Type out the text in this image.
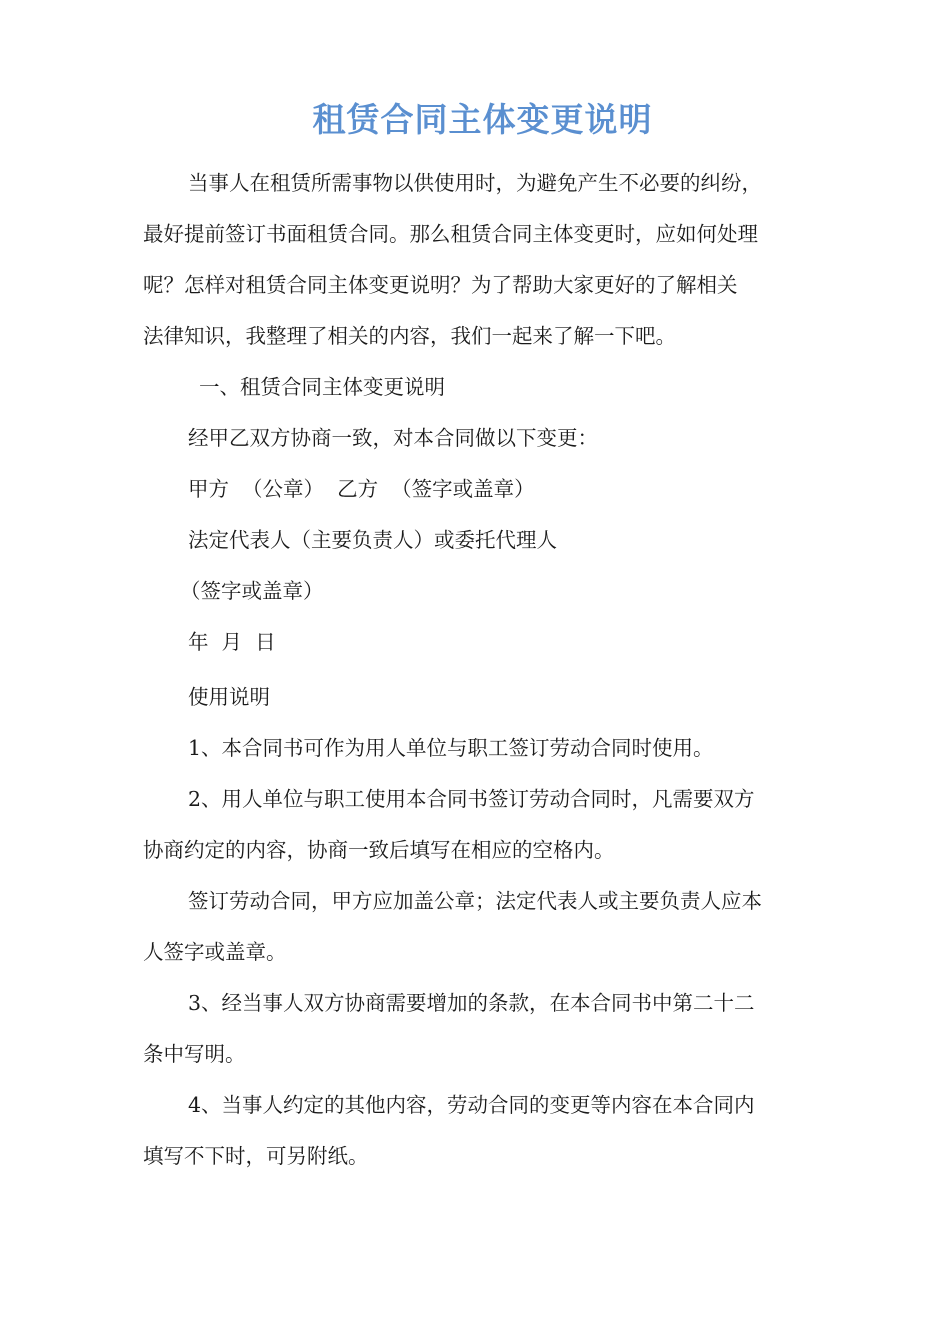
租赁合同主体变更说明

当事人在租赁所需事物以供使用时，为避免产生不必要的纠纷，

最好提前签订书面租赁合同。那么租赁合同主体变更时，应如何处理

呢？怎样对租赁合同主体变更说明？为了帮助大家更好的了解相关

法律知识，我整理了相关的内容，我们一起来了解一下吧。

一、租赁合同主体变更说明

经甲乙双方协商一致，对本合同做以下变更：

甲方  （公章）  乙方  （签字或盖章）

法定代表人（主要负责人）或委托代理人

（签字或盖章）

年  月  日

使用说明

1、本合同书可作为用人单位与职工签订劳动合同时使用。

2、用人单位与职工使用本合同书签订劳动合同时，凡需要双方

协商约定的内容，协商一致后填写在相应的空格内。

签订劳动合同，甲方应加盖公章；法定代表人或主要负责人应本

人签字或盖章。

3、经当事人双方协商需要增加的条款，在本合同书中第二十二

条中写明。

4、当事人约定的其他内容，劳动合同的变更等内容在本合同内

填写不下时，可另附纸。
